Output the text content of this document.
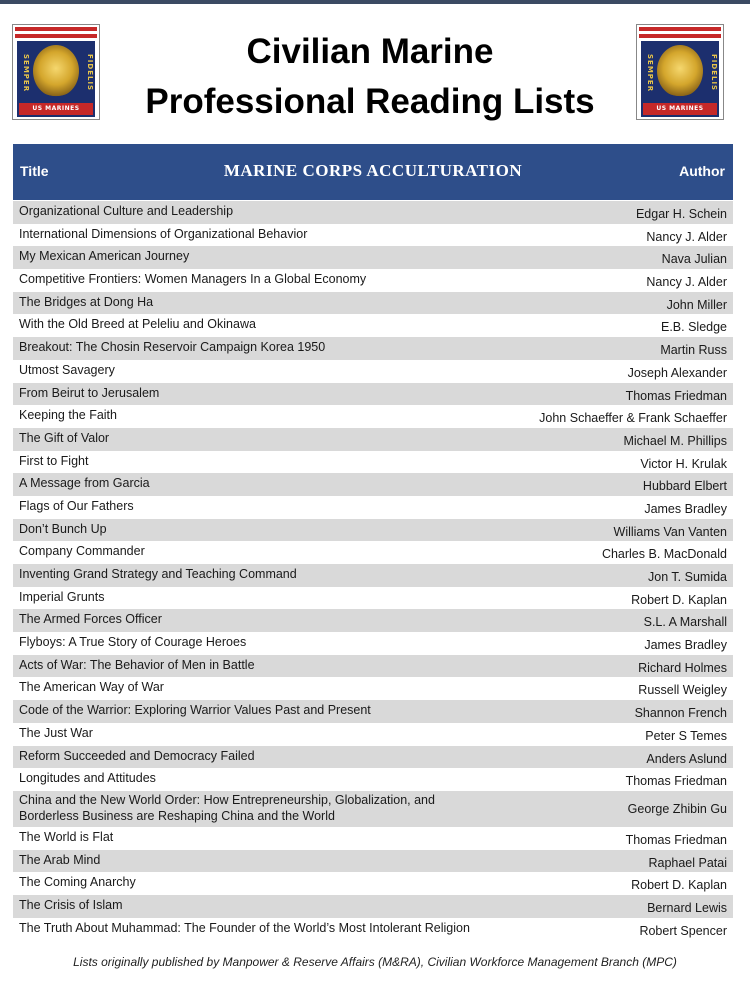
SEMPER	FIDELIS
US MARINES
Civilian Marine
Professional Reading Lists
SEMPER	FIDELIS
US MARINES
Title	MARINE CORPS ACCULTURATION	Author
Organizational Culture and Leadership	Edgar H. Schein
International Dimensions of Organizational Behavior	Nancy J. Alder
My Mexican American Journey	Nava Julian
Competitive Frontiers: Women Managers In a Global Economy	Nancy J. Alder
The Bridges at Dong Ha	John Miller
With the Old Breed at Peleliu and Okinawa	E.B. Sledge
Breakout: The Chosin Reservoir Campaign Korea 1950	Martin Russ
Utmost Savagery	Joseph Alexander
From Beirut to Jerusalem	Thomas Friedman
Keeping the Faith	John Schaeffer & Frank Schaeffer
The Gift of Valor	Michael M. Phillips
First to Fight	Victor H. Krulak
A Message from Garcia	Hubbard Elbert
Flags of Our Fathers	James Bradley
Don’t Bunch Up	Williams Van Vanten
Company Commander	Charles B. MacDonald
Inventing Grand Strategy and Teaching Command	Jon T. Sumida
Imperial Grunts	Robert D. Kaplan
The Armed Forces Officer	S.L. A Marshall
Flyboys: A True Story of Courage Heroes	James Bradley
Acts of War: The Behavior of Men in Battle	Richard Holmes
The American Way of War	Russell Weigley
Code of the Warrior: Exploring Warrior Values Past and Present	Shannon French
The Just War	Peter S Temes
Reform Succeeded and Democracy Failed	Anders Aslund
Longitudes and Attitudes	Thomas Friedman
China and the New World Order: How Entrepreneurship, Globalization, and Borderless Business are Reshaping China and the World	George Zhibin Gu
The World is Flat	Thomas Friedman
The Arab Mind	Raphael Patai
The Coming Anarchy	Robert D. Kaplan
The Crisis of Islam	Bernard Lewis
The Truth About Muhammad: The Founder of the World’s Most Intolerant Religion	Robert Spencer
Lists originally published by Manpower & Reserve Affairs (M&RA), Civilian Workforce Management Branch (MPC)
